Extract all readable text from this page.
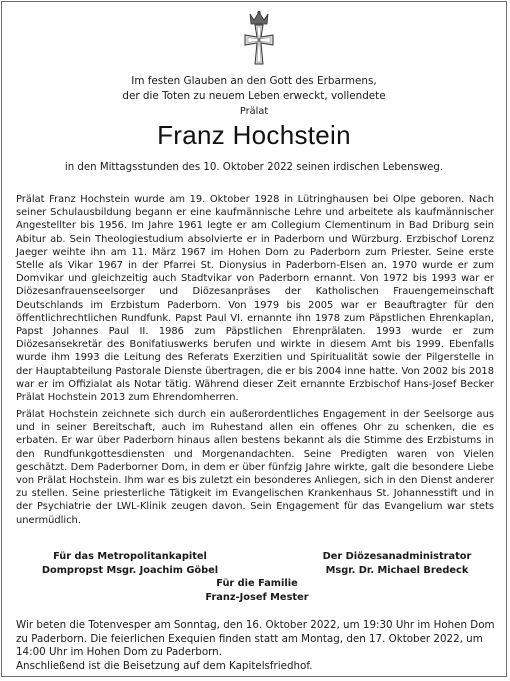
Im festen Glauben an den Gott des Erbarmens,
der die Toten zu neuem Leben erweckt, vollendete
Prälat
Franz Hochstein
in den Mittagsstunden des 10. Oktober 2022 seinen irdischen Lebensweg.
Prälat Franz Hochstein wurde am 19. Oktober 1928 in Lütringhausen bei Olpe geboren. Nach seiner Schulausbildung begann er eine kaufmännische Lehre und arbeitete als kaufmännischer Angestellter bis 1956. Im Jahre 1961 legte er am Collegium Clementinum in Bad Driburg sein Abitur ab. Sein Theologiestudium absolvierte er in Paderborn und Würzburg. Erzbischof Lorenz Jaeger weihte ihn am 11. März 1967 im Hohen Dom zu Paderborn zum Priester. Seine erste Stelle als Vikar 1967 in der Pfarrei St. Dionysius in Paderborn-Elsen an. 1970 wurde er zum Domvikar und gleichzeitig auch Stadtvikar von Paderborn ernannt. Von 1972 bis 1993 war er Diözesanfrauenseelsorger und Diözesanpräses der Katholischen Frauengemeinschaft Deutschlands im Erzbistum Paderborn. Von 1979 bis 2005 war er Beauftragter für den öffentlichrechtlichen Rundfunk. Papst Paul VI. ernannte ihn 1978 zum Päpstlichen Ehrenkaplan, Papst Johannes Paul II. 1986 zum Päpstlichen Ehrenprälaten. 1993 wurde er zum Diözesansekretär des Bonifatiuswerks berufen und wirkte in diesem Amt bis 1999. Ebenfalls wurde ihm 1993 die Leitung des Referats Exerzitien und Spiritualität sowie der Pilgerstelle in der Hauptabteilung Pastorale Dienste übertragen, die er bis 2004 inne hatte. Von 2002 bis 2018 war er im Offizialat als Notar tätig. Während dieser Zeit ernannte Erzbischof Hans-Josef Becker Prälat Hochstein 2013 zum Ehrendomherren.
Prälat Hochstein zeichnete sich durch ein außerordentliches Engagement in der Seelsorge aus und in seiner Bereitschaft, auch im Ruhestand allen ein offenes Ohr zu schenken, die es erbaten. Er war über Paderborn hinaus allen bestens bekannt als die Stimme des Erzbistums in den Rundfunkgottesdiensten und Morgenandachten. Seine Predigten waren von Vielen geschätzt. Dem Paderborner Dom, in dem er über fünfzig Jahre wirkte, galt die besondere Liebe von Prälat Hochstein. Ihm war es bis zuletzt ein besonderes Anliegen, sich in den Dienst anderer zu stellen. Seine priesterliche Tätigkeit im Evangelischen Krankenhaus St. Johannesstift und in der Psychiatrie der LWL-Klinik zeugen davon. Sein Engagement für das Evangelium war stets unermüdlich.
Für das Metropolitankapitel
Dompropst Msgr. Joachim Göbel
Der Diözesanadministrator
Msgr. Dr. Michael Bredeck
Für die Familie
Franz-Josef Mester
Wir beten die Totenvesper am Sonntag, den 16. Oktober 2022, um 19:30 Uhr im Hohen Dom zu Paderborn. Die feierlichen Exequien finden statt am Montag, den 17. Oktober 2022, um 14:00 Uhr im Hohen Dom zu Paderborn.
Anschließend ist die Beisetzung auf dem Kapitelsfriedhof.
